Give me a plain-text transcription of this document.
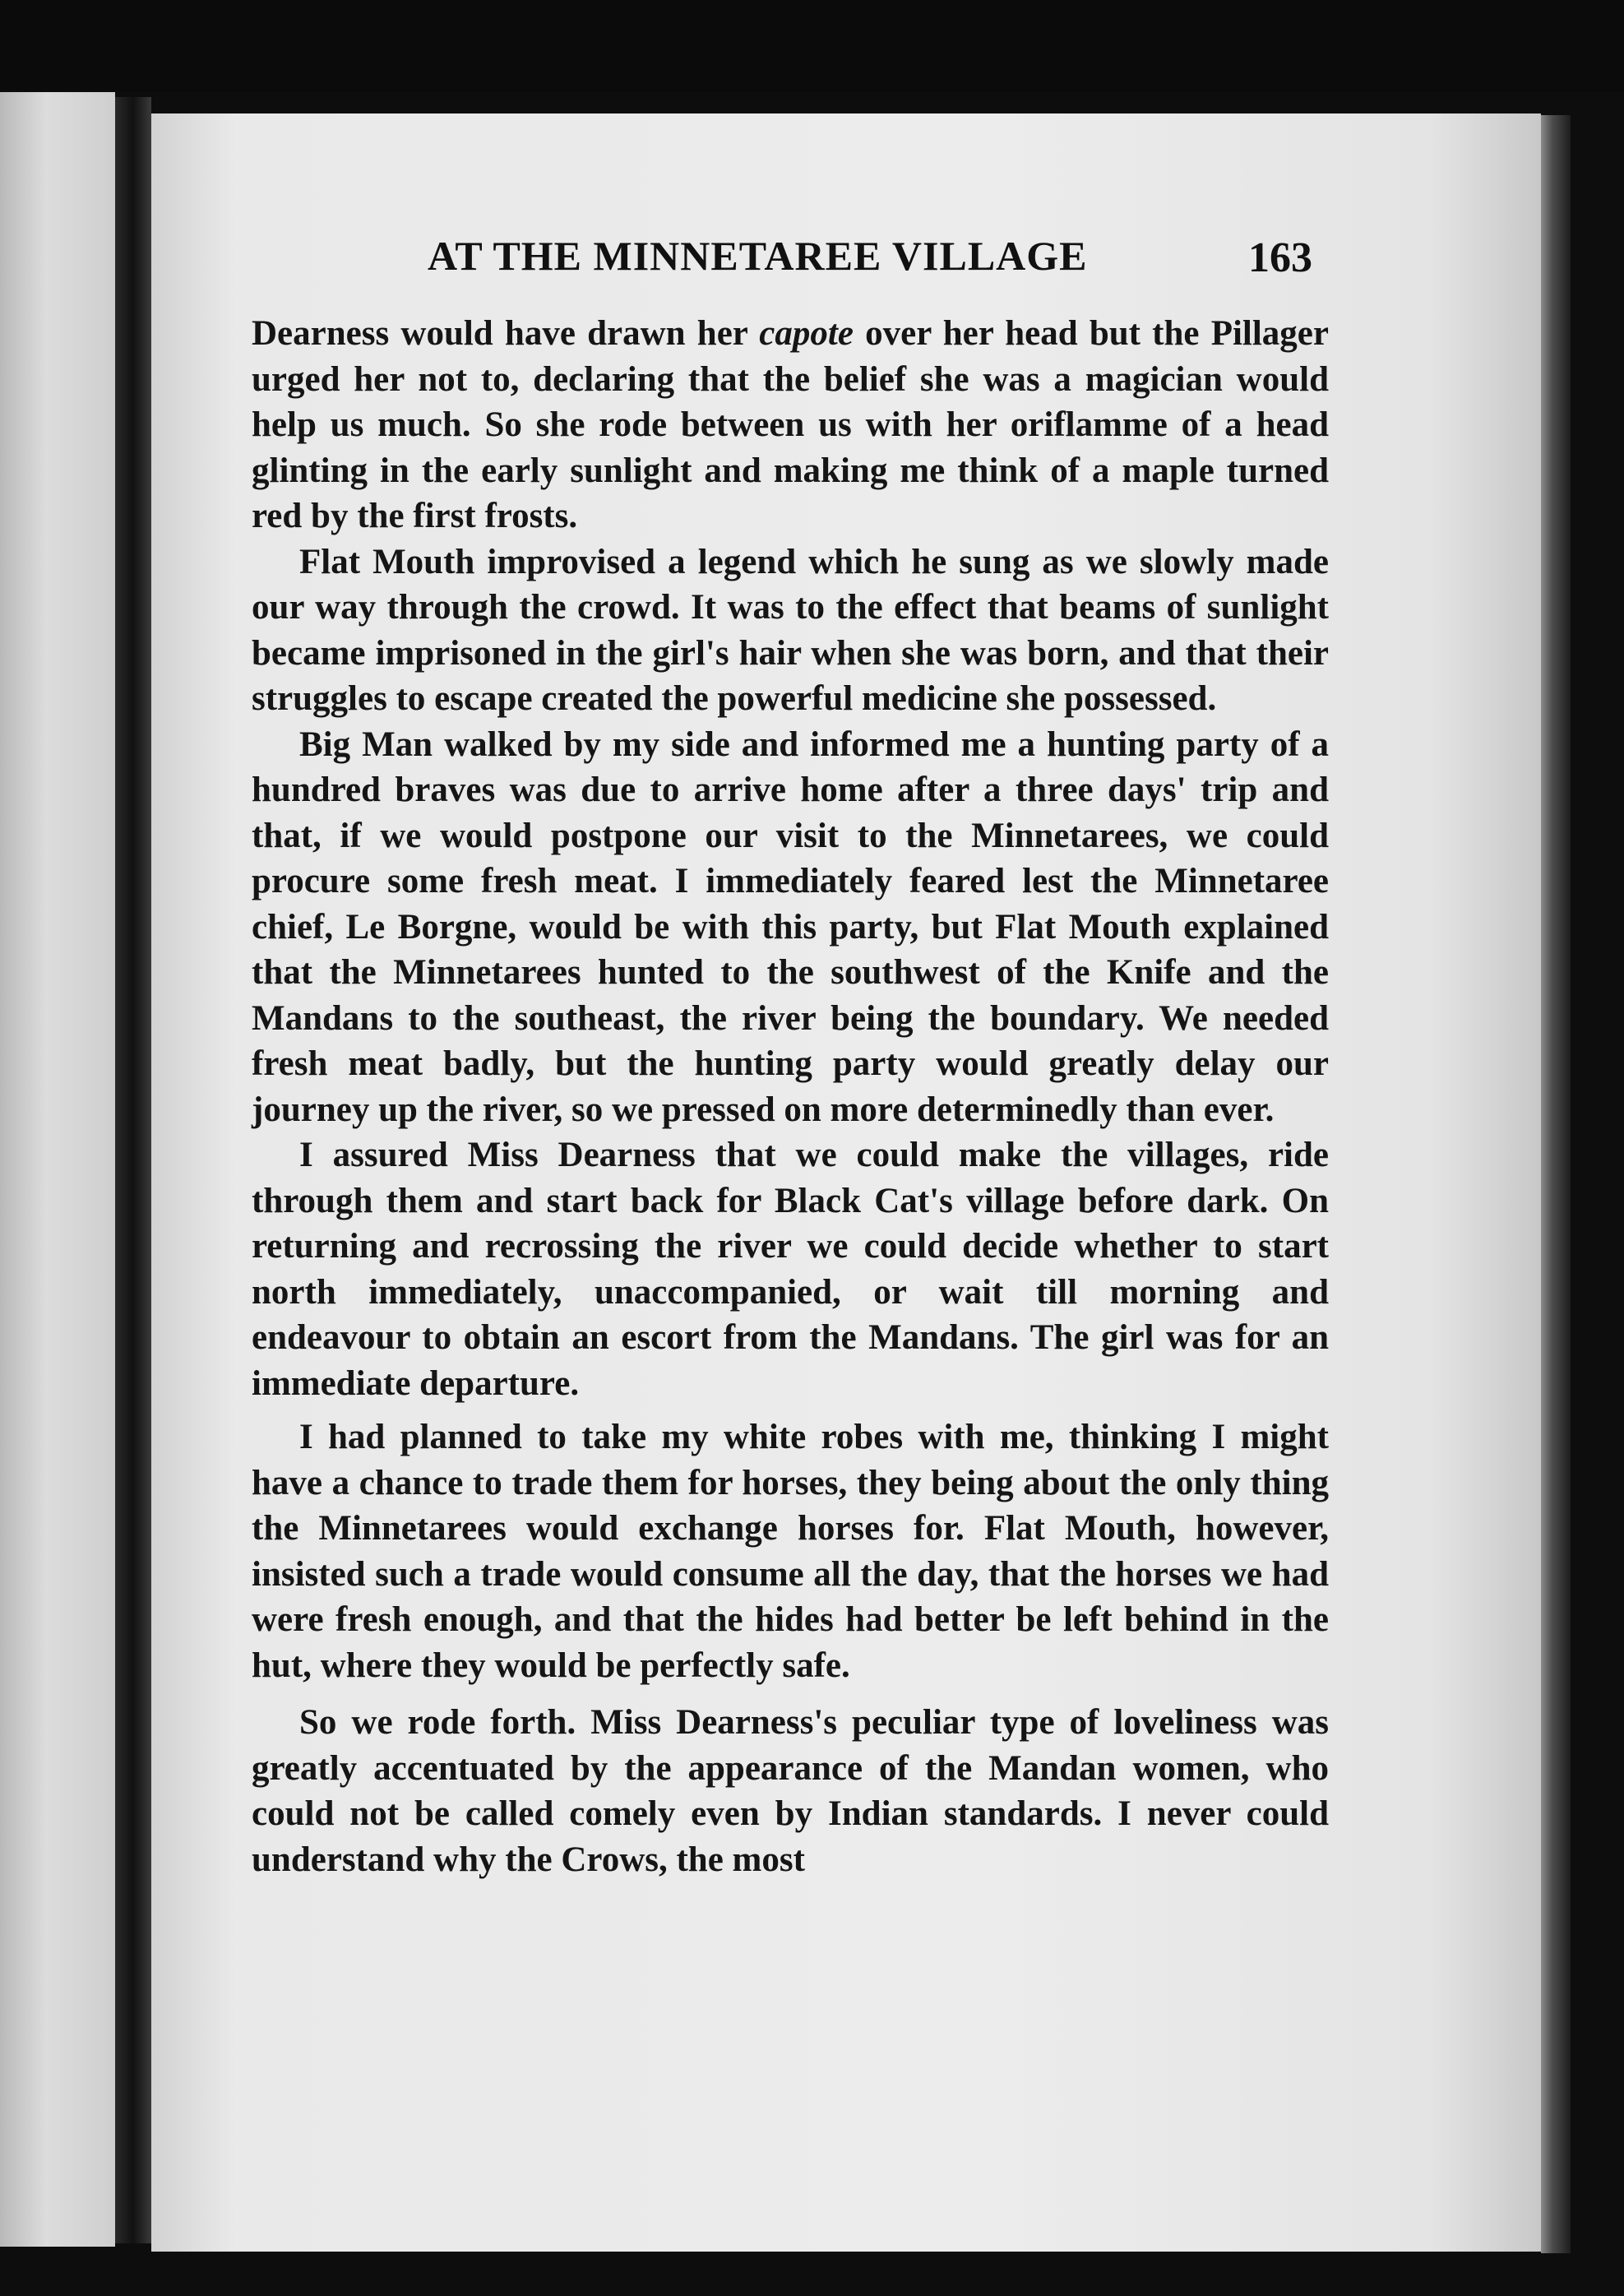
AT THE MINNETAREE VILLAGE	163

Dearness would have drawn her capote over her head but the Pillager urged her not to, declaring that the belief she was a magician would help us much. So she rode between us with her oriflamme of a head glinting in the early sunlight and making me think of a maple turned red by the first frosts.

Flat Mouth improvised a legend which he sung as we slowly made our way through the crowd. It was to the effect that beams of sunlight became imprisoned in the girl's hair when she was born, and that their struggles to escape created the powerful medicine she possessed.

Big Man walked by my side and informed me a hunting party of a hundred braves was due to arrive home after a three days' trip and that, if we would postpone our visit to the Minnetarees, we could procure some fresh meat. I immediately feared lest the Minnetaree chief, Le Borgne, would be with this party, but Flat Mouth explained that the Minnetarees hunted to the southwest of the Knife and the Mandans to the southeast, the river being the boundary. We needed fresh meat badly, but the hunting party would greatly delay our journey up the river, so we pressed on more determinedly than ever.

I assured Miss Dearness that we could make the villages, ride through them and start back for Black Cat's village before dark. On returning and recrossing the river we could decide whether to start north immediately, unaccompanied, or wait till morning and endeavour to obtain an escort from the Mandans. The girl was for an immediate departure.

I had planned to take my white robes with me, thinking I might have a chance to trade them for horses, they being about the only thing the Minnetarees would exchange horses for. Flat Mouth, however, insisted such a trade would consume all the day, that the horses we had were fresh enough, and that the hides had better be left behind in the hut, where they would be perfectly safe.

So we rode forth. Miss Dearness's peculiar type of loveliness was greatly accentuated by the appearance of the Mandan women, who could not be called comely even by Indian standards. I never could understand why the Crows, the most
